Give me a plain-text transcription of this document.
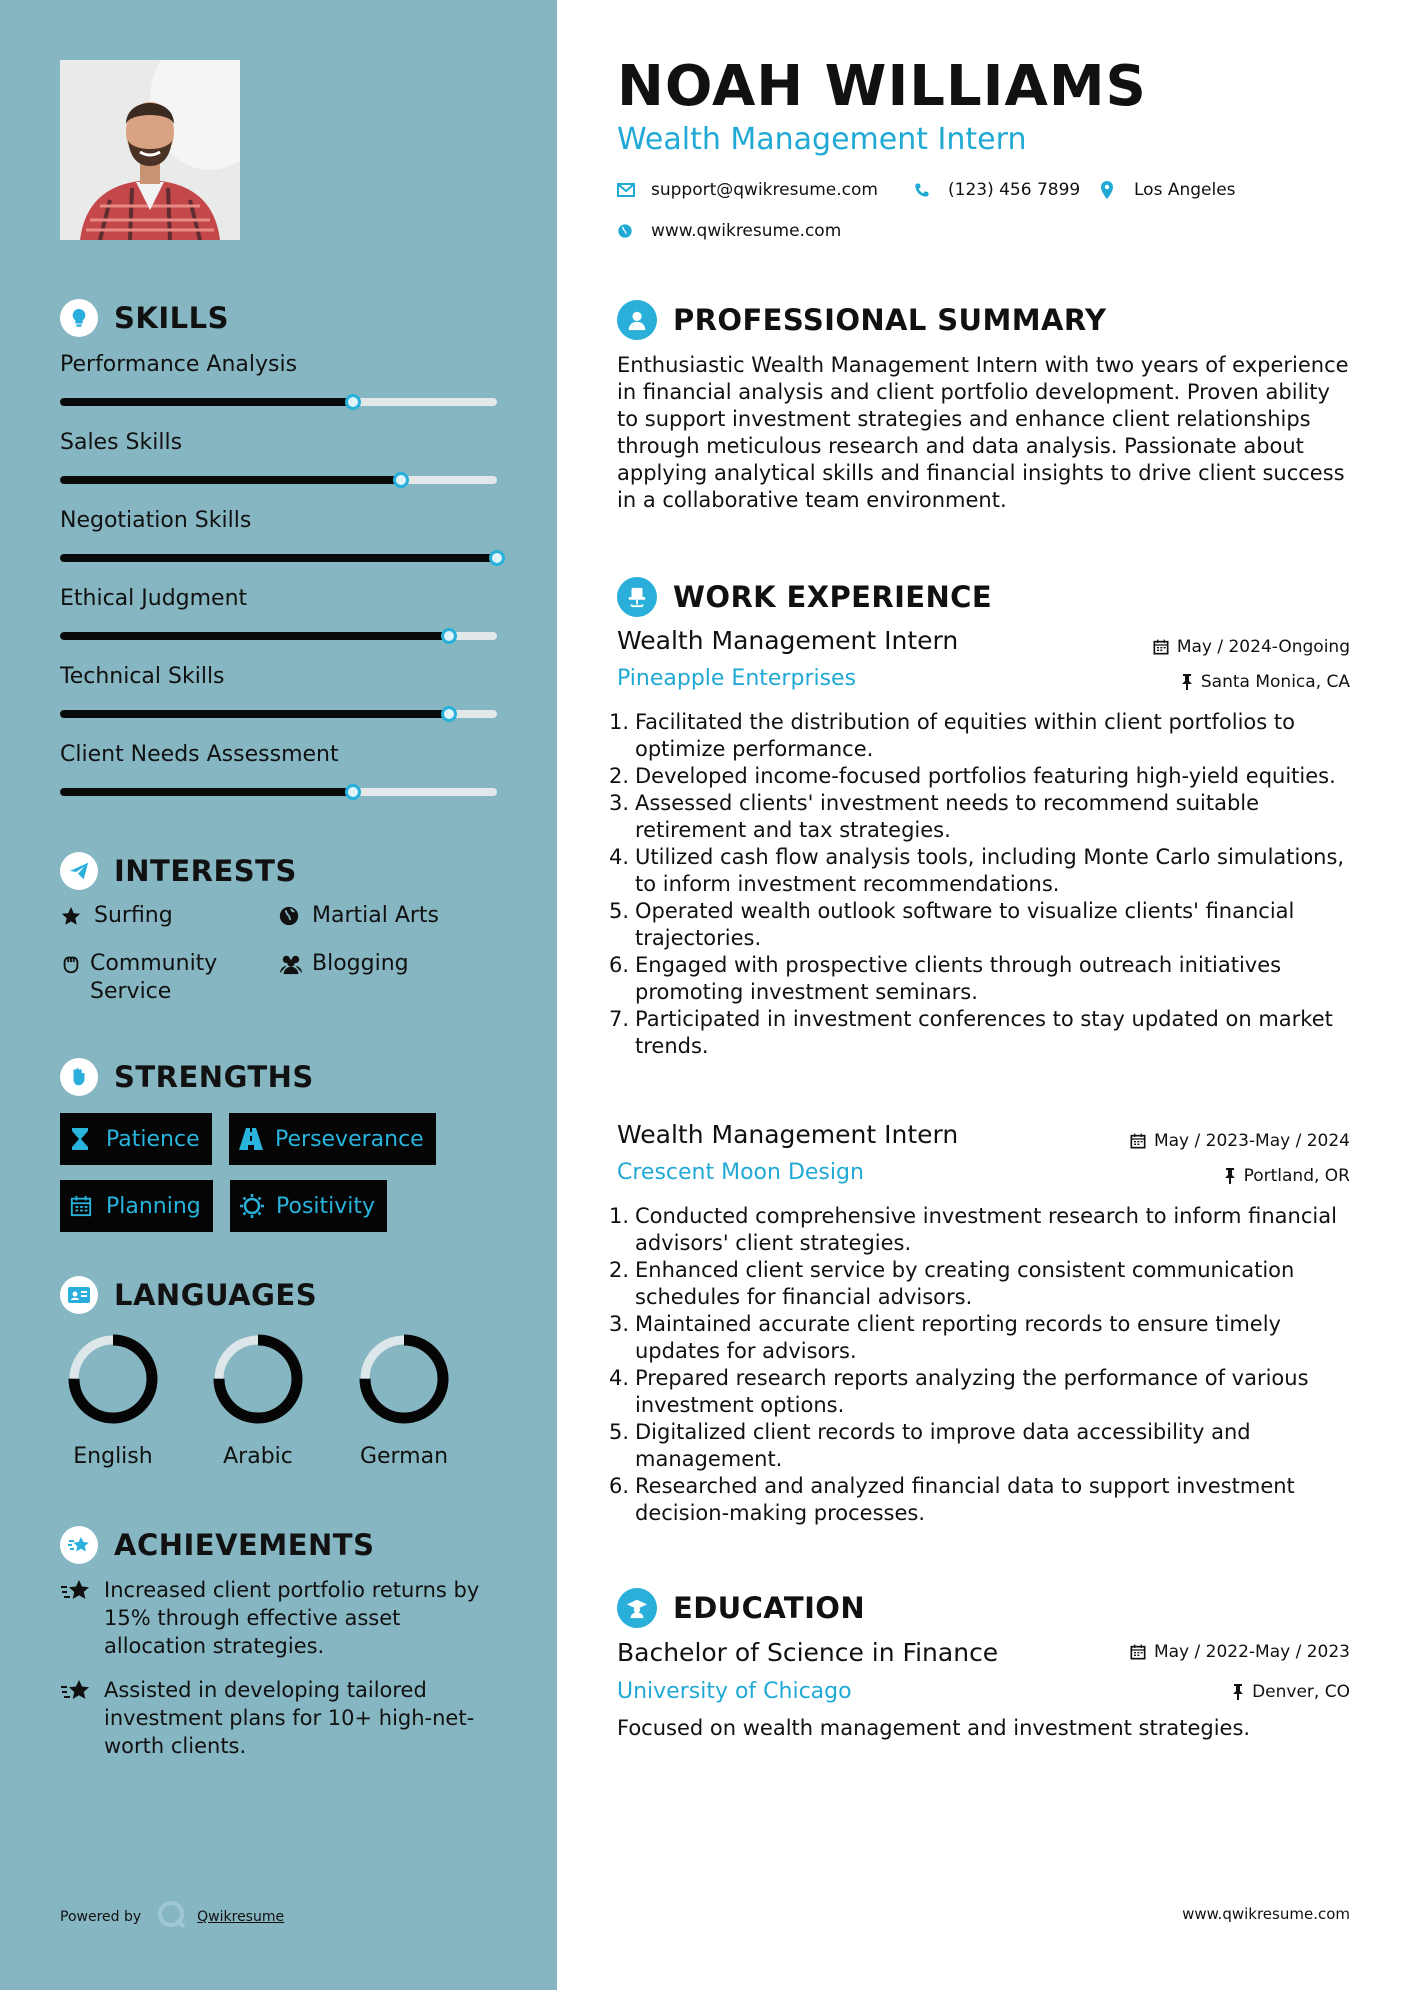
SKILLS
Performance Analysis
Sales Skills
Negotiation Skills
Ethical Judgment
Technical Skills
Client Needs Assessment
INTERESTS
Surfing	Martial Arts
Community Service
Blogging
STRENGTHS
Patience	Perseverance
Planning	Positivity
LANGUAGES
English	Arabic	German
ACHIEVEMENTS
Increased client portfolio returns by 15% through effective asset allocation strategies.
Assisted in developing tailored investment plans for 10+ high-net-worth clients.
Powered by	Qwikresume
NOAH WILLIAMS
Wealth Management Intern
support@qwikresume.com	(123) 456 7899	Los Angeles
www.qwikresume.com
PROFESSIONAL SUMMARY
Enthusiastic Wealth Management Intern with two years of experience in financial analysis and client portfolio development. Proven ability to support investment strategies and enhance client relationships through meticulous research and data analysis. Passionate about applying analytical skills and financial insights to drive client success in a collaborative team environment.
WORK EXPERIENCE
Wealth Management Intern	May / 2024-Ongoing
Pineapple Enterprises	Santa Monica, CA
1. Facilitated the distribution of equities within client portfolios to optimize performance.
2. Developed income-focused portfolios featuring high-yield equities.
3. Assessed clients' investment needs to recommend suitable retirement and tax strategies.
4. Utilized cash flow analysis tools, including Monte Carlo simulations, to inform investment recommendations.
5. Operated wealth outlook software to visualize clients' financial trajectories.
6. Engaged with prospective clients through outreach initiatives promoting investment seminars.
7. Participated in investment conferences to stay updated on market trends.
Wealth Management Intern	May / 2023-May / 2024
Crescent Moon Design	Portland, OR
1. Conducted comprehensive investment research to inform financial advisors' client strategies.
2. Enhanced client service by creating consistent communication schedules for financial advisors.
3. Maintained accurate client reporting records to ensure timely updates for advisors.
4. Prepared research reports analyzing the performance of various investment options.
5. Digitalized client records to improve data accessibility and management.
6. Researched and analyzed financial data to support investment decision-making processes.
EDUCATION
Bachelor of Science in Finance	May / 2022-May / 2023
University of Chicago	Denver, CO
Focused on wealth management and investment strategies.
www.qwikresume.com
